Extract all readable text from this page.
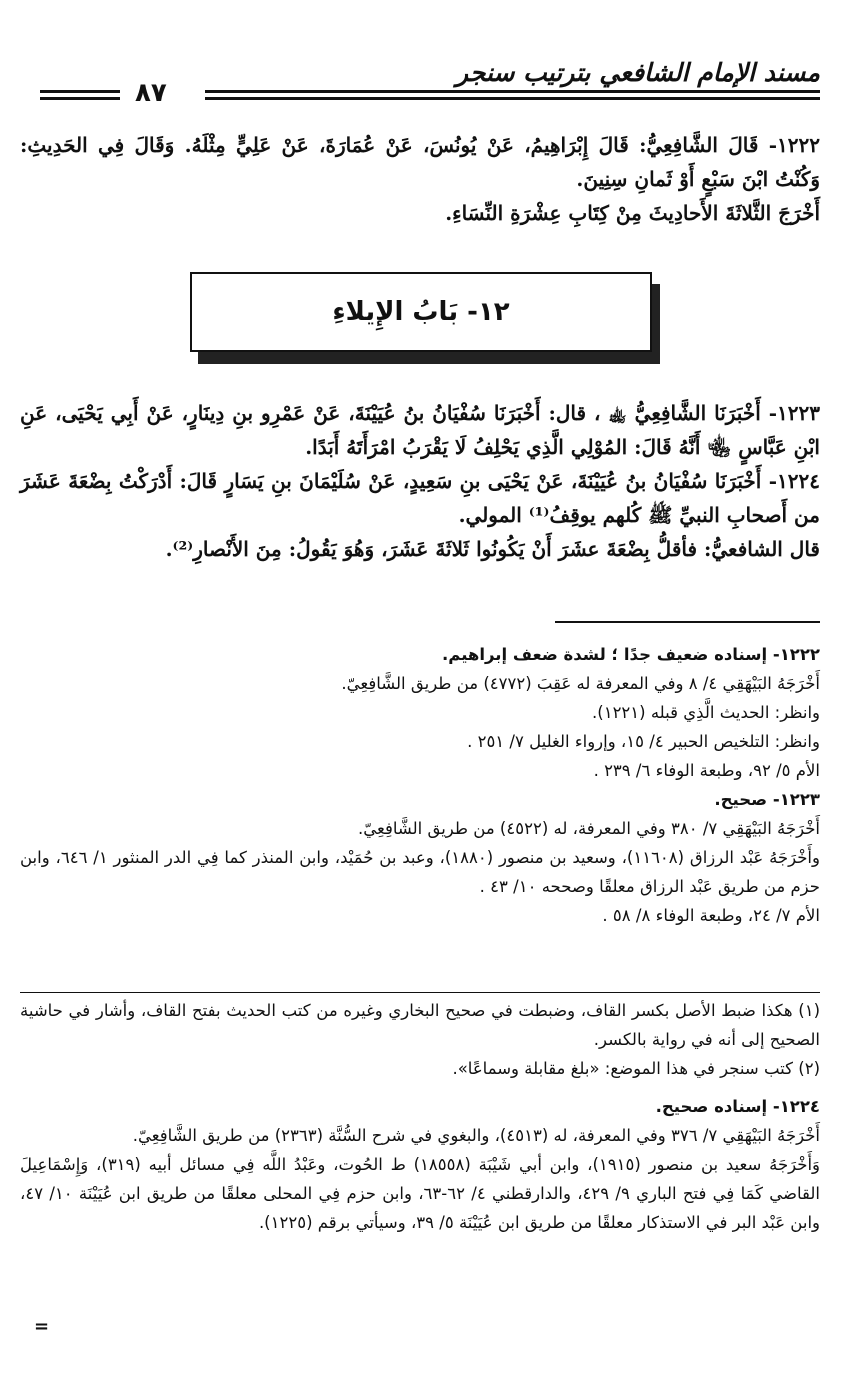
مسند الإمام الشافعي بترتيب سنجر
٨٧

١٢٢٢- قَالَ الشَّافِعِيُّ: قَالَ إِبْرَاهِيمُ، عَنْ يُونُسَ، عَنْ عُمَارَةَ، عَنْ عَلِيٍّ مِثْلَهُ. وَقَالَ فِي الحَدِيثِ: وَكُنْتُ ابْنَ سَبْعٍ أَوْ ثَمانِ سِنِينَ.

أَخْرَجَ الثَّلاثَةَ الأَحادِيثَ مِنْ كِتَابِ عِشْرَةِ النِّسَاءِ.

١٢- بَابُ الإِيلاءِ

١٢٢٣- أَخْبَرَنَا الشَّافِعِيُّ ﵀ ، قال: أَخْبَرَنَا سُفْيَانُ بنُ عُيَيْنَةَ، عَنْ عَمْرِو بنِ دِينَارٍ، عَنْ أَبِي يَحْيَى، عَنِ ابْنِ عَبَّاسٍ ﵄ أَنَّهُ قَالَ: المُوْلِي الَّذِي يَحْلِفُ لَا يَقْرَبُ امْرَأَتَهُ أَبَدًا.

١٢٢٤- أَخْبَرَنَا سُفْيَانُ بنُ عُيَيْنَةَ، عَنْ يَحْيَى بنِ سَعِيدٍ، عَنْ سُلَيْمَانَ بنِ يَسَارٍ قَالَ: أَدْرَكْتُ بِضْعَةَ عَشَرَ من أَصحابِ النبيِّ ﷺ كُلهم يوقِفُ⁽¹⁾ المولي.

قال الشافعيُّ: فأقلُّ بِضْعَةَ عشَرَ أَنْ يَكُونُوا ثَلاثَةَ عَشَرَ، وَهُوَ يَقُولُ: مِنَ الأَنْصارِ⁽²⁾.

١٢٢٢- إسناده ضعيف جدًا ؛ لشدة ضعف إبراهيم.

أَخْرَجَهُ البَيْهَقِي ٤/ ٨ وفي المعرفة له عَقِبَ (٤٧٧٢) من طريق الشَّافِعِيّ.

وانظر: الحديث الَّذِي قبله (١٢٢١).

وانظر: التلخيص الحبير ٤/ ١٥، وإرواء الغليل ٧/ ٢٥١ .

الأم ٥/ ٩٢، وطبعة الوفاء ٦/ ٢٣٩ .

١٢٢٣- صحيح.

أَخْرَجَهُ البَيْهَقِي ٧/ ٣٨٠ وفي المعرفة، له (٤٥٢٢) من طريق الشَّافِعِيّ.

وأَخْرَجَهُ عَبْد الرزاق (١١٦٠٨)، وسعيد بن منصور (١٨٨٠)، وعبد بن حُمَيْد، وابن المنذر كما فِي الدر المنثور ١/ ٦٤٦، وابن حزم من طريق عَبْد الرزاق معلقًا وصححه ١٠/ ٤٣ .

الأم ٧/ ٢٤، وطبعة الوفاء ٨/ ٥٨ .

(١) هكذا ضبط الأصل بكسر القاف، وضبطت في صحيح البخاري وغيره من كتب الحديث بفتح القاف، وأشار في حاشية الصحيح إلى أنه في رواية بالكسر.

(٢) كتب سنجر في هذا الموضع: «بلغ مقابلة وسماعًا».

١٢٢٤- إسناده صحيح.

أَخْرَجَهُ البَيْهَقِي ٧/ ٣٧٦ وفي المعرفة، له (٤٥١٣)، والبغوي في شرح السُّنَّة (٢٣٦٣) من طريق الشَّافِعِيّ.

وَأَخْرَجَهُ سعيد بن منصور (١٩١٥)، وابن أبي شَيْبَة (١٨٥٥٨) ط الحُوت، وعَبْدُ اللَّه فِي مسائل أبيه (٣١٩)، وَإِسْمَاعِيلَ القاضي كَمَا فِي فتح الباري ٩/ ٤٢٩، والدارقطني ٤/ ٦٢-٦٣، وابن حزم فِي المحلى معلقًا من طريق ابن عُيَيْنَة ١٠/ ٤٧، وابن عَبْد البر في الاستذكار معلقًا من طريق ابن عُيَيْنَة ٥/ ٣٩، وسيأتي برقم (١٢٢٥).

=
